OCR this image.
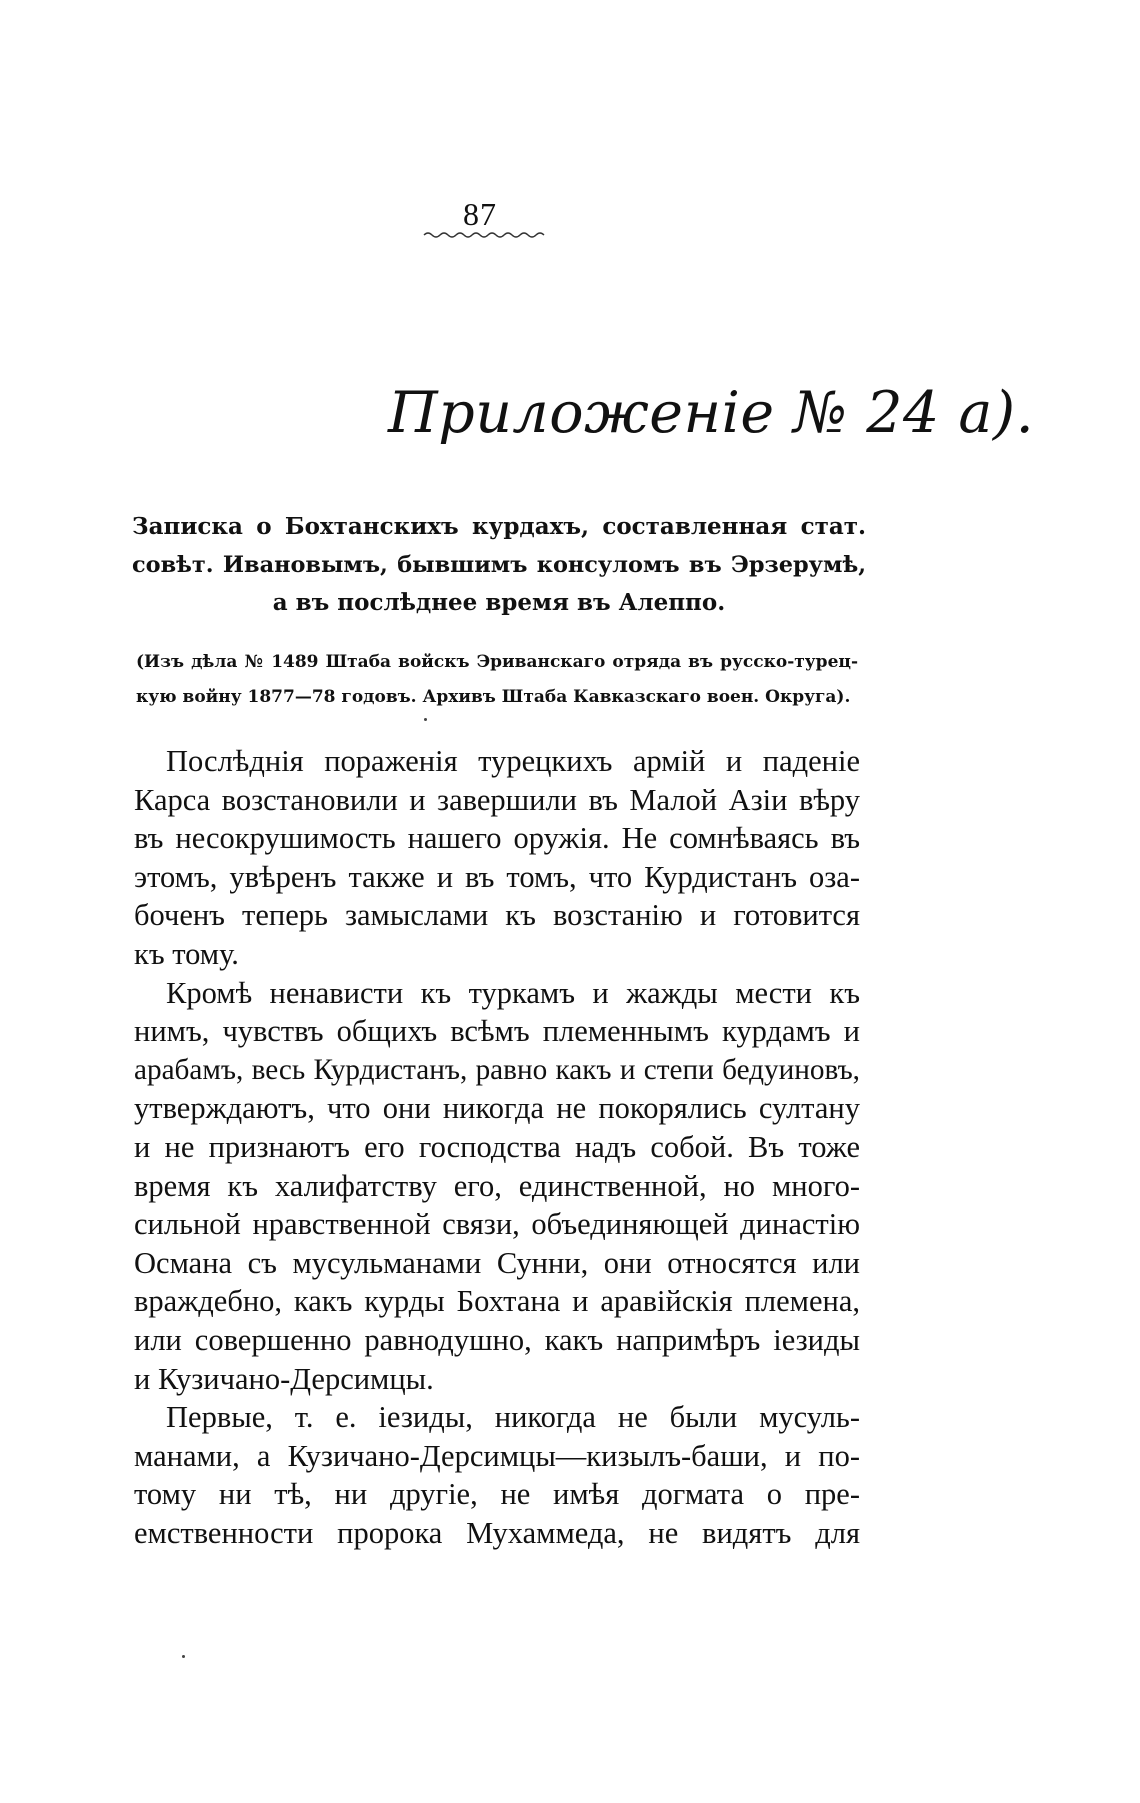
87
Приложенiе № 24 а).
Записка о Бохтанскихъ курдахъ, составленная стат.
совѣт. Ивановымъ, бывшимъ консуломъ въ Эрзерумѣ,
а въ послѣднее время въ Алеппо.
(Изъ дѣла № 1489 Штаба войскъ Эриванскаго отряда въ русско-турец-
кую войну 1877—78 годовъ. Архивъ Штаба Кавказскаго воен. Округа).
Послѣднiя пораженiя турецкихъ армiй и паденiе
Карса возстановили и завершили въ Малой Азiи вѣру
въ несокрушимость нашего оружiя. Не сомнѣваясь въ
этомъ, увѣренъ также и въ томъ, что Курдистанъ оза-
боченъ теперь замыслами къ возстанiю и готовится
къ тому.
Кромѣ ненависти къ туркамъ и жажды мести къ
нимъ, чувствъ общихъ всѣмъ племеннымъ курдамъ и
арабамъ, весь Курдистанъ, равно какъ и степи бедуиновъ,
утверждаютъ, что они никогда не покорялись султану
и не признаютъ его господства надъ собой. Въ тоже
время къ халифатству его, единственной, но много-
сильной нравственной связи, объединяющей династiю
Османа съ мусульманами Сунни, они относятся или
враждебно, какъ курды Бохтана и аравiйскiя племена,
или совершенно равнодушно, какъ напримѣръ iезиды
и Кузичано-Дерсимцы.
Первые, т. е. iезиды, никогда не были мусуль-
манами, а Кузичано-Дерсимцы—кизылъ-баши, и по-
тому ни тѣ, ни другiе, не имѣя догмата о пре-
емственности пророка Мухаммеда, не видятъ для
